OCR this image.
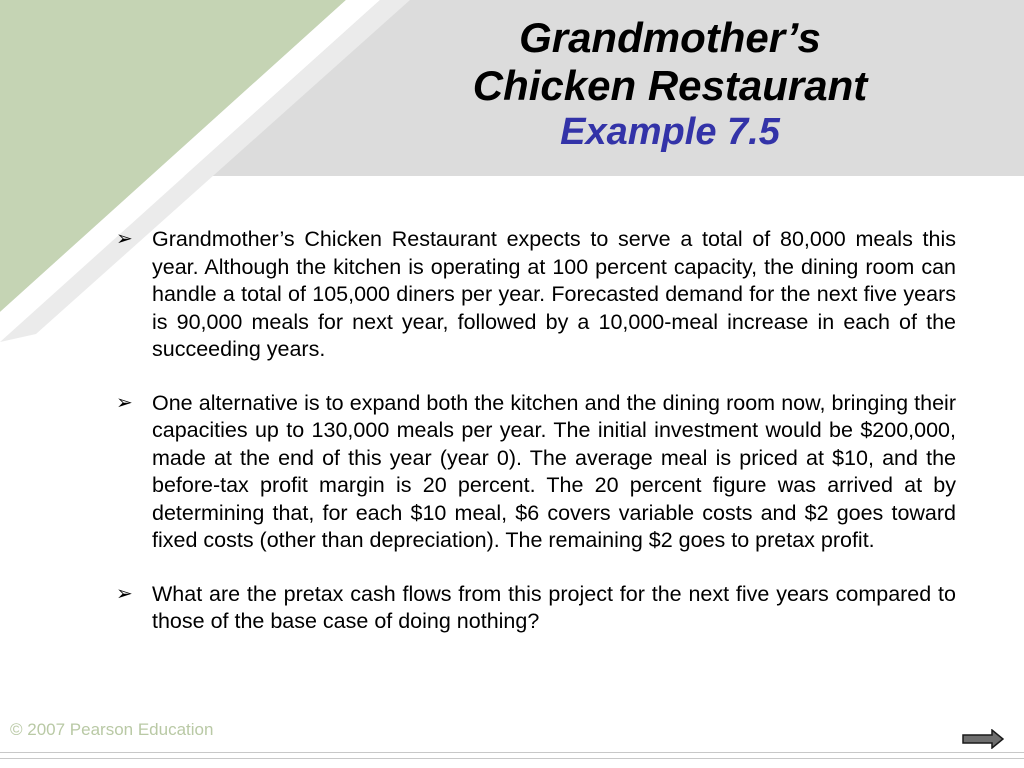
Grandmother’s
Chicken Restaurant
Example 7.5
➢ Grandmother’s Chicken Restaurant expects to serve a total of 80,000 meals this year. Although the kitchen is operating at 100 percent capacity, the dining room can handle a total of 105,000 diners per year. Forecasted demand for the next five years is 90,000 meals for next year, followed by a 10,000-meal increase in each of the succeeding years.
➢ One alternative is to expand both the kitchen and the dining room now, bringing their capacities up to 130,000 meals per year. The initial investment would be $200,000, made at the end of this year (year 0). The average meal is priced at $10, and the before-tax profit margin is 20 percent. The 20 percent figure was arrived at by determining that, for each $10 meal, $6 covers variable costs and $2 goes toward fixed costs (other than depreciation). The remaining $2 goes to pretax profit.
➢ What are the pretax cash flows from this project for the next five years compared to those of the base case of doing nothing?
© 2007 Pearson Education
